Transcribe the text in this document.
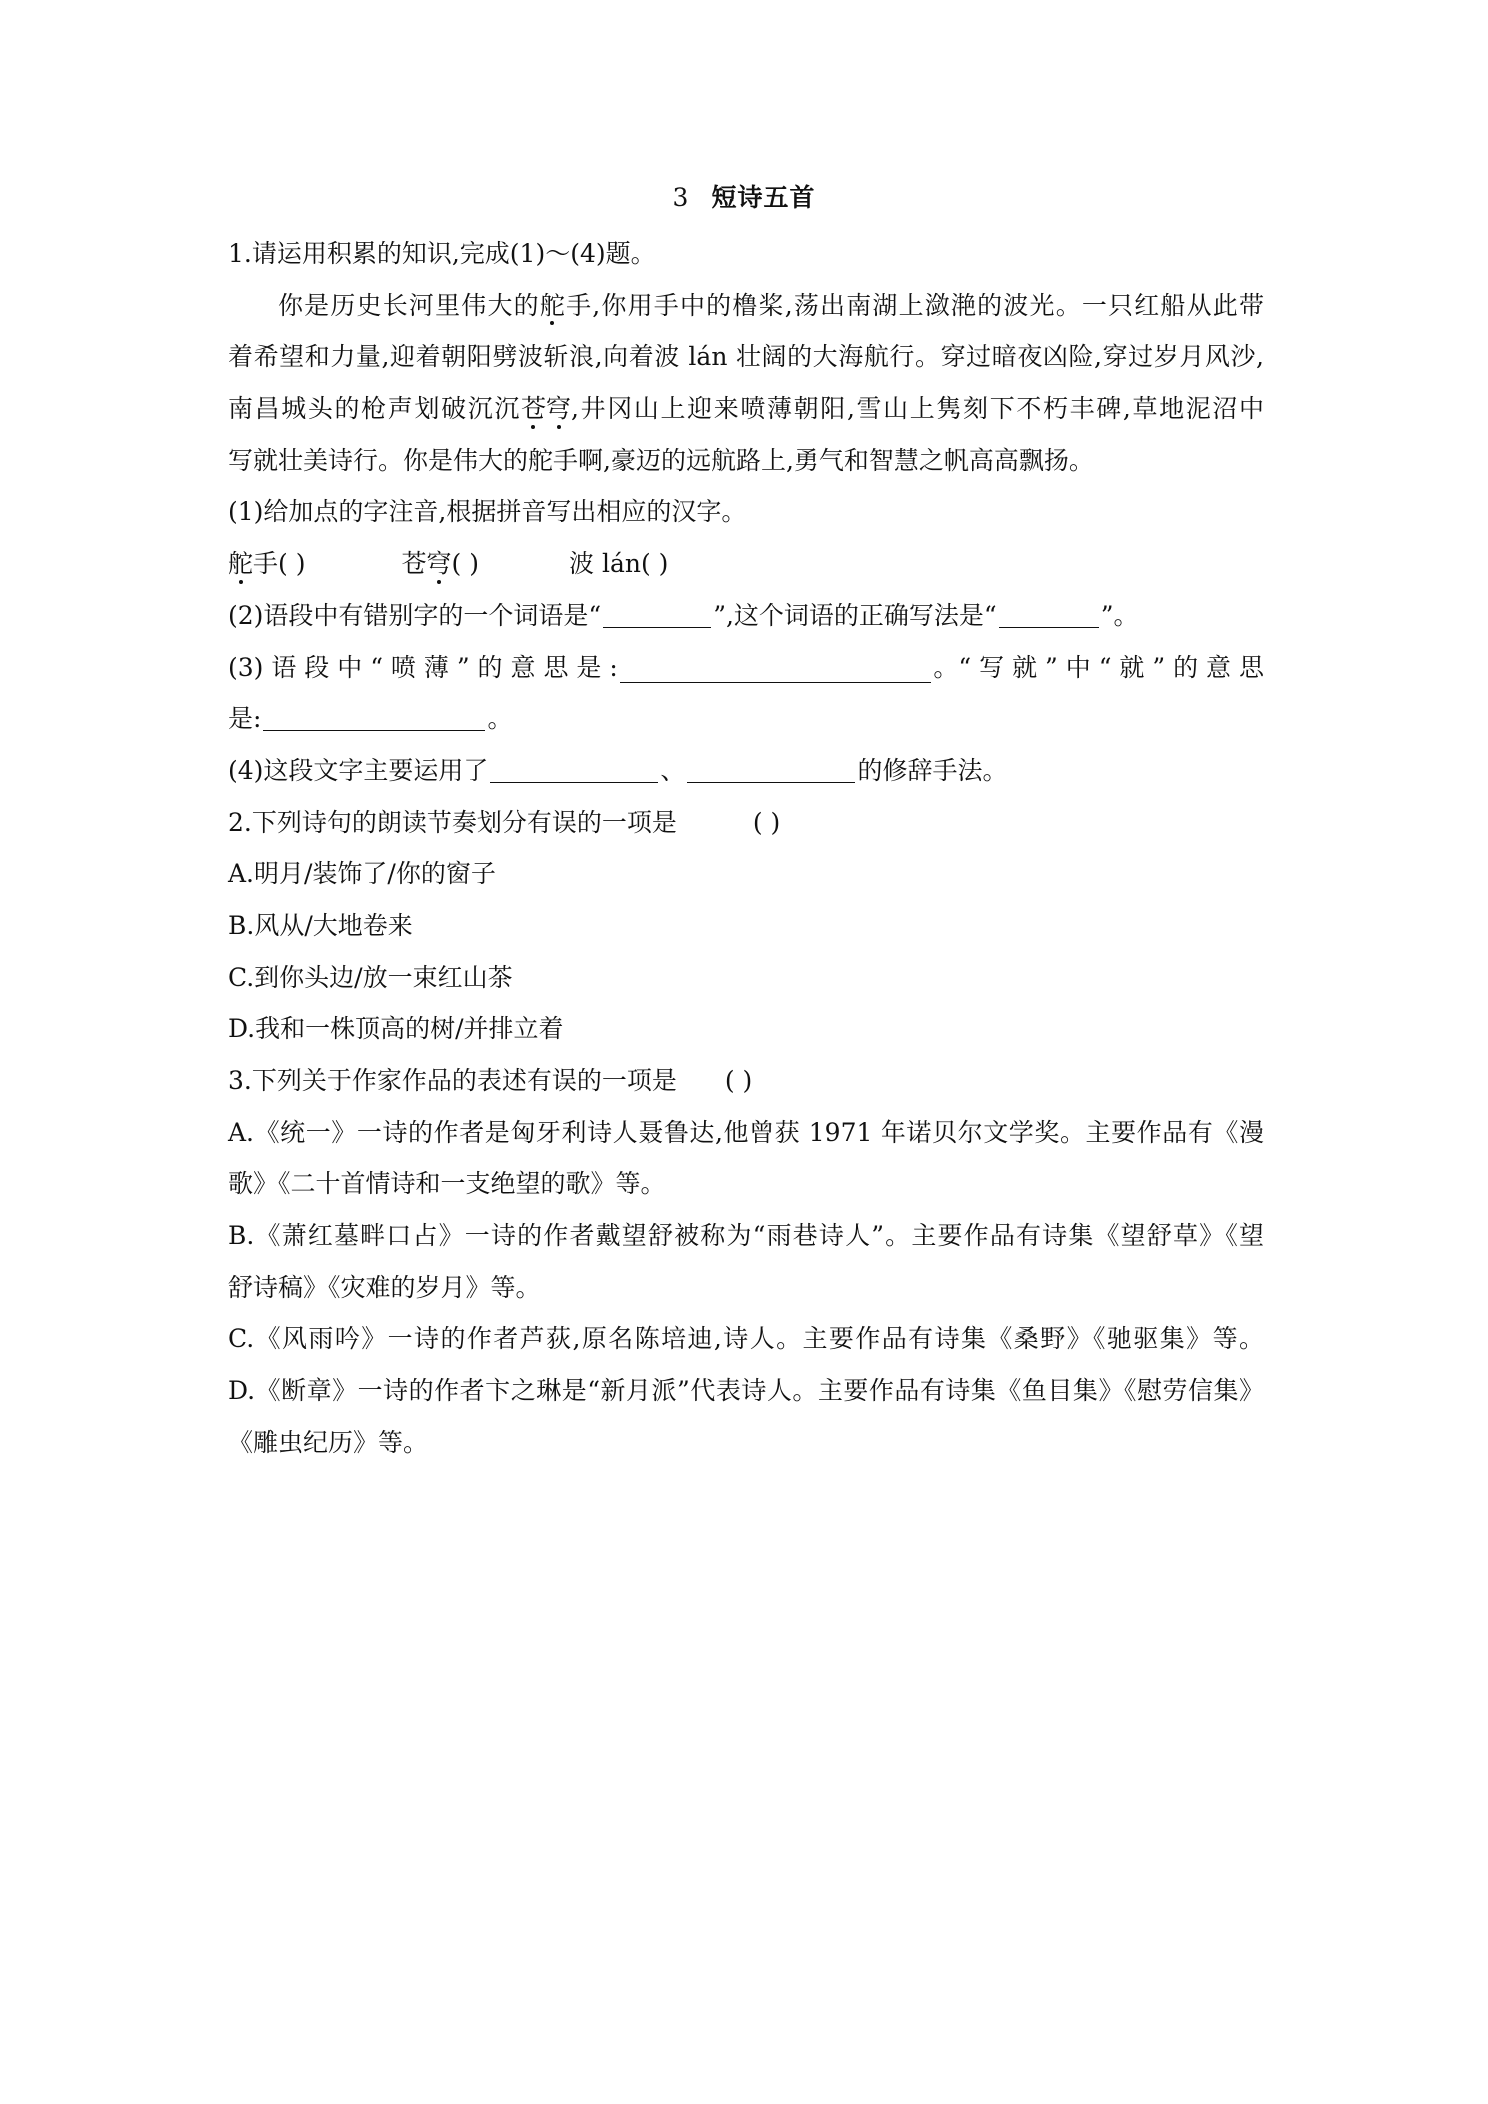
3 短诗五首
1.请运用积累的知识,完成(1)～(4)题。
你是历史长河里伟大的舵手,你用手中的橹桨,荡出南湖上潋滟的波光。一只红船从此带
着希望和力量,迎着朝阳劈波斩浪,向着波 lán 壮阔的大海航行。穿过暗夜凶险,穿过岁月风沙,
南昌城头的枪声划破沉沉苍穹,井冈山上迎来喷薄朝阳,雪山上隽刻下不朽丰碑,草地泥沼中
写就壮美诗行。你是伟大的舵手啊,豪迈的远航路上,勇气和智慧之帆高高飘扬。
(1)给加点的字注音,根据拼音写出相应的汉字。
舵手( )	苍穹( )	波 lán( )
(2)语段中有错别字的一个词语是“	”,这个词语的正确写法是“	”。
(3) 语 段 中 “ 喷 薄 ” 的 意 思 是 :	。“ 写 就 ” 中 “ 就 ” 的 意 思
是:	。
(4)这段文字主要运用了	、	的修辞手法。
2.下列诗句的朗读节奏划分有误的一项是	( )
A.明月/装饰了/你的窗子
B.风从/大地卷来
C.到你头边/放一束红山茶
D.我和一株顶高的树/并排立着
3.下列关于作家作品的表述有误的一项是 ( )
A.《统一》一诗的作者是匈牙利诗人聂鲁达,他曾获 1971 年诺贝尔文学奖。主要作品有《漫
歌》《二十首情诗和一支绝望的歌》等。
B.《萧红墓畔口占》一诗的作者戴望舒被称为“雨巷诗人”。主要作品有诗集《望舒草》《望
舒诗稿》《灾难的岁月》等。
C.《风雨吟》一诗的作者芦荻,原名陈培迪,诗人。主要作品有诗集《桑野》《驰驱集》等。
D.《断章》一诗的作者卞之琳是“新月派”代表诗人。主要作品有诗集《鱼目集》《慰劳信集》
《雕虫纪历》等。
